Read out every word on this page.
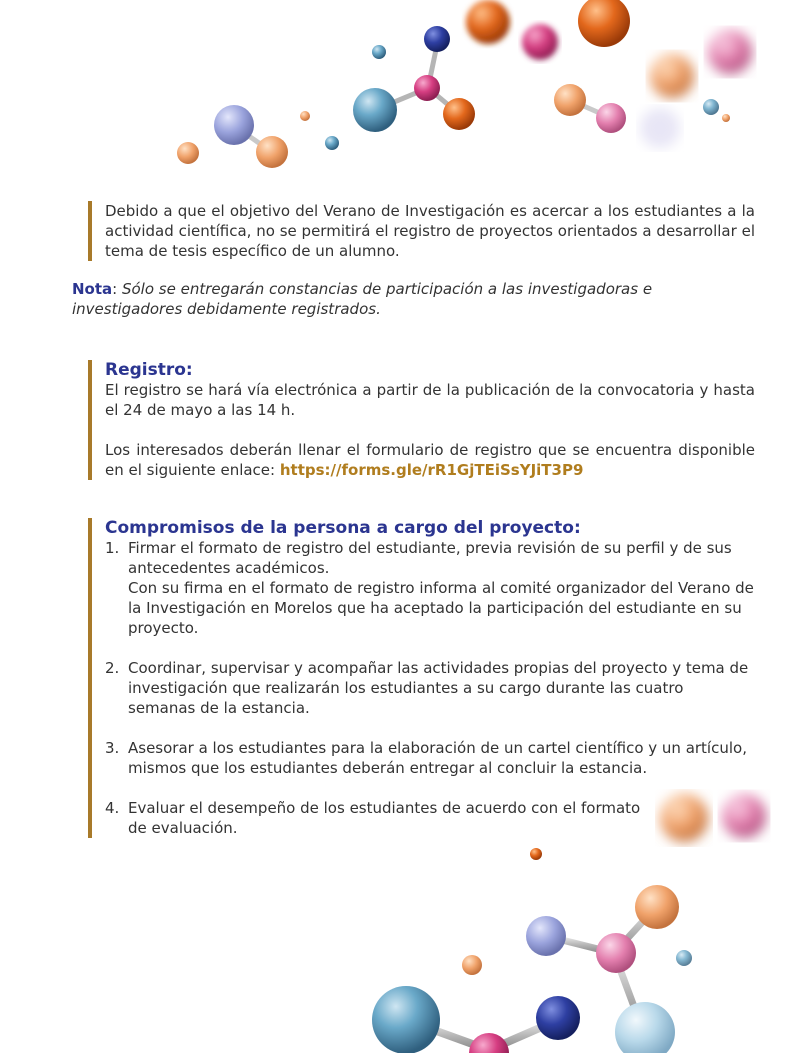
Debido a que el objetivo del Verano de Investigación es acercar a los estudiantes a la actividad científica, no se permitirá el registro de proyectos orientados a desarrollar el tema de tesis específico de un alumno.

Nota: Sólo se entregarán constancias de participación a las investigadoras e investigadores debidamente registrados.

Registro:

El registro se hará vía electrónica a partir de la publicación de la convocatoria y hasta el 24 de mayo a las 14 h.

Los interesados deberán llenar el formulario de registro que se encuentra disponible en el siguiente enlace: https://forms.gle/rR1GjTEiSsYJiT3P9

Compromisos de la persona a cargo del proyecto:

1. Firmar el formato de registro del estudiante, previa revisión de su perfil y de sus antecedentes académicos.
Con su firma en el formato de registro informa al comité organizador del Verano de la Investigación en Morelos que ha aceptado la participación del estudiante en su proyecto.
2. Coordinar, supervisar y acompañar las actividades propias del proyecto y tema de investigación que realizarán los estudiantes a su cargo durante las cuatro semanas de la estancia.
3. Asesorar a los estudiantes para la elaboración de un cartel científico y un artículo, mismos que los estudiantes deberán entregar al concluir la estancia.
4. Evaluar el desempeño de los estudiantes de acuerdo con el formato de evaluación.
